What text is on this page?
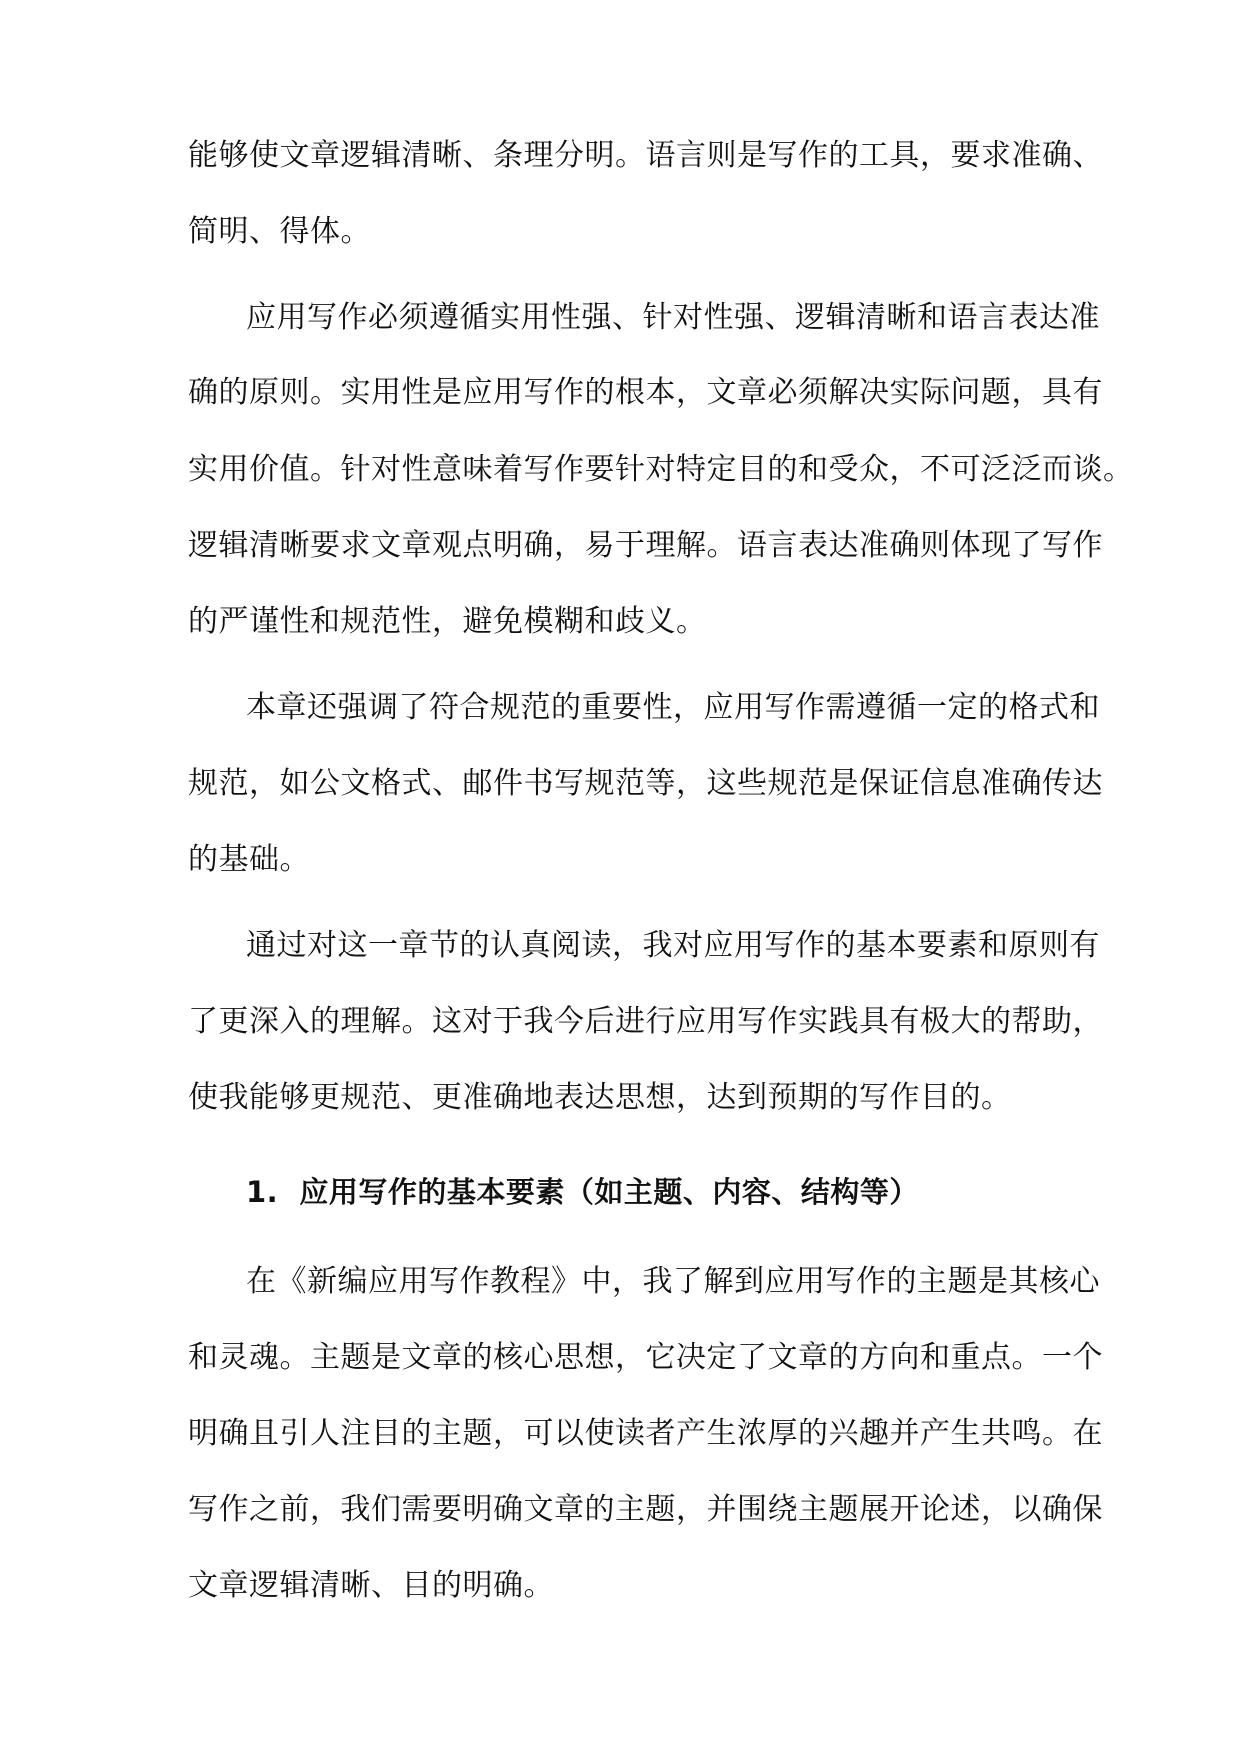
能够使文章逻辑清晰、条理分明。语言则是写作的工具，要求准确、

简明、得体。

应用写作必须遵循实用性强、针对性强、逻辑清晰和语言表达准

确的原则。实用性是应用写作的根本，文章必须解决实际问题，具有

实用价值。针对性意味着写作要针对特定目的和受众，不可泛泛而谈。

逻辑清晰要求文章观点明确，易于理解。语言表达准确则体现了写作

的严谨性和规范性，避免模糊和歧义。

本章还强调了符合规范的重要性，应用写作需遵循一定的格式和

规范，如公文格式、邮件书写规范等，这些规范是保证信息准确传达

的基础。

通过对这一章节的认真阅读，我对应用写作的基本要素和原则有

了更深入的理解。这对于我今后进行应用写作实践具有极大的帮助，

使我能够更规范、更准确地表达思想，达到预期的写作目的。

1. 应用写作的基本要素（如主题、内容、结构等）

在《新编应用写作教程》中，我了解到应用写作的主题是其核心

和灵魂。主题是文章的核心思想，它决定了文章的方向和重点。一个

明确且引人注目的主题，可以使读者产生浓厚的兴趣并产生共鸣。在

写作之前，我们需要明确文章的主题，并围绕主题展开论述，以确保

文章逻辑清晰、目的明确。
